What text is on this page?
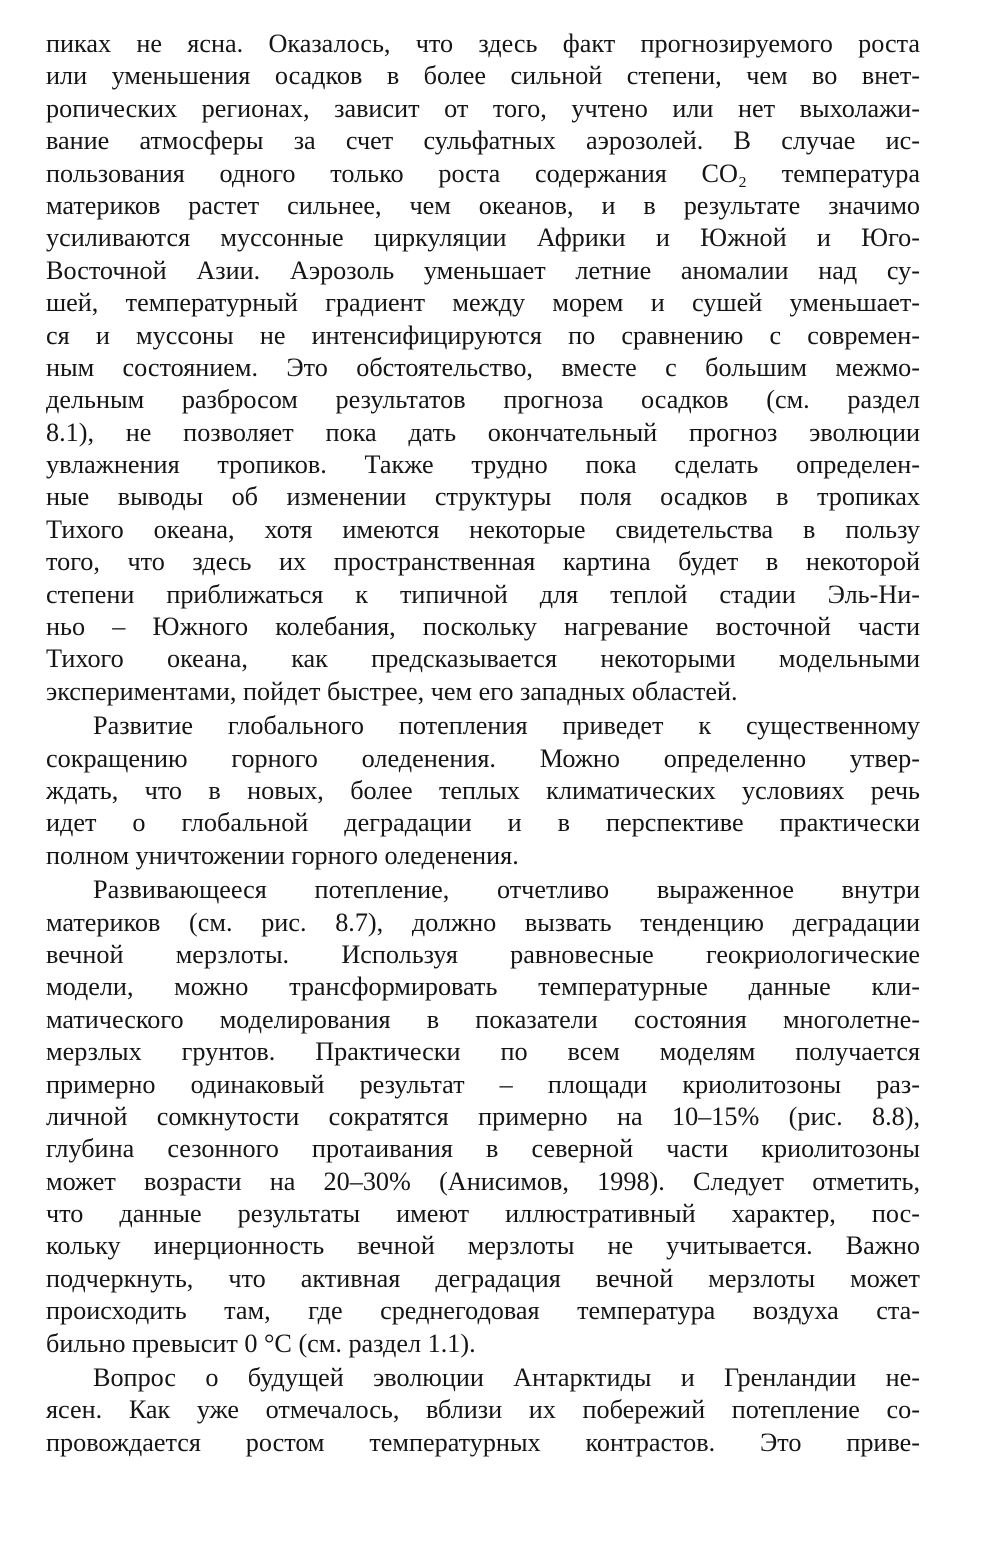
пиках не ясна. Оказалось, что здесь факт прогнозируемого роста
или уменьшения осадков в более сильной степени, чем во внет-
ропических регионах, зависит от того, учтено или нет выхолажи-
вание атмосферы за счет сульфатных аэрозолей. В случае ис-
пользования одного только роста содержания CO₂ температура
материков растет сильнее, чем океанов, и в результате значимо
усиливаются муссонные циркуляции Африки и Южной и Юго-
Восточной Азии. Аэрозоль уменьшает летние аномалии над су-
шей, температурный градиент между морем и сушей уменьшает-
ся и муссоны не интенсифицируются по сравнению с современ-
ным состоянием. Это обстоятельство, вместе с большим межмо-
дельным разбросом результатов прогноза осадков (см. раздел
8.1), не позволяет пока дать окончательный прогноз эволюции
увлажнения тропиков. Также трудно пока сделать определен-
ные выводы об изменении структуры поля осадков в тропиках
Тихого океана, хотя имеются некоторые свидетельства в пользу
того, что здесь их пространственная картина будет в некоторой
степени приближаться к типичной для теплой стадии Эль-Ни-
ньо – Южного колебания, поскольку нагревание восточной части
Тихого океана, как предсказывается некоторыми модельными
экспериментами, пойдет быстрее, чем его западных областей.
Развитие глобального потепления приведет к существенному
сокращению горного оледенения. Можно определенно утвер-
ждать, что в новых, более теплых климатических условиях речь
идет о глобальной деградации и в перспективе практически
полном уничтожении горного оледенения.
Развивающееся потепление, отчетливо выраженное внутри
материков (см. рис. 8.7), должно вызвать тенденцию деградации
вечной мерзлоты. Используя равновесные геокриологические
модели, можно трансформировать температурные данные кли-
матического моделирования в показатели состояния многолетне-
мерзлых грунтов. Практически по всем моделям получается
примерно одинаковый результат – площади криолитозоны раз-
личной сомкнутости сократятся примерно на 10–15% (рис. 8.8),
глубина сезонного протаивания в северной части криолитозоны
может возрасти на 20–30% (Анисимов, 1998). Следует отметить,
что данные результаты имеют иллюстративный характер, пос-
кольку инерционность вечной мерзлоты не учитывается. Важно
подчеркнуть, что активная деградация вечной мерзлоты может
происходить там, где среднегодовая температура воздуха ста-
бильно превысит 0 °C (см. раздел 1.1).
Вопрос о будущей эволюции Антарктиды и Гренландии не-
ясен. Как уже отмечалось, вблизи их побережий потепление со-
провождается ростом температурных контрастов. Это приве-
